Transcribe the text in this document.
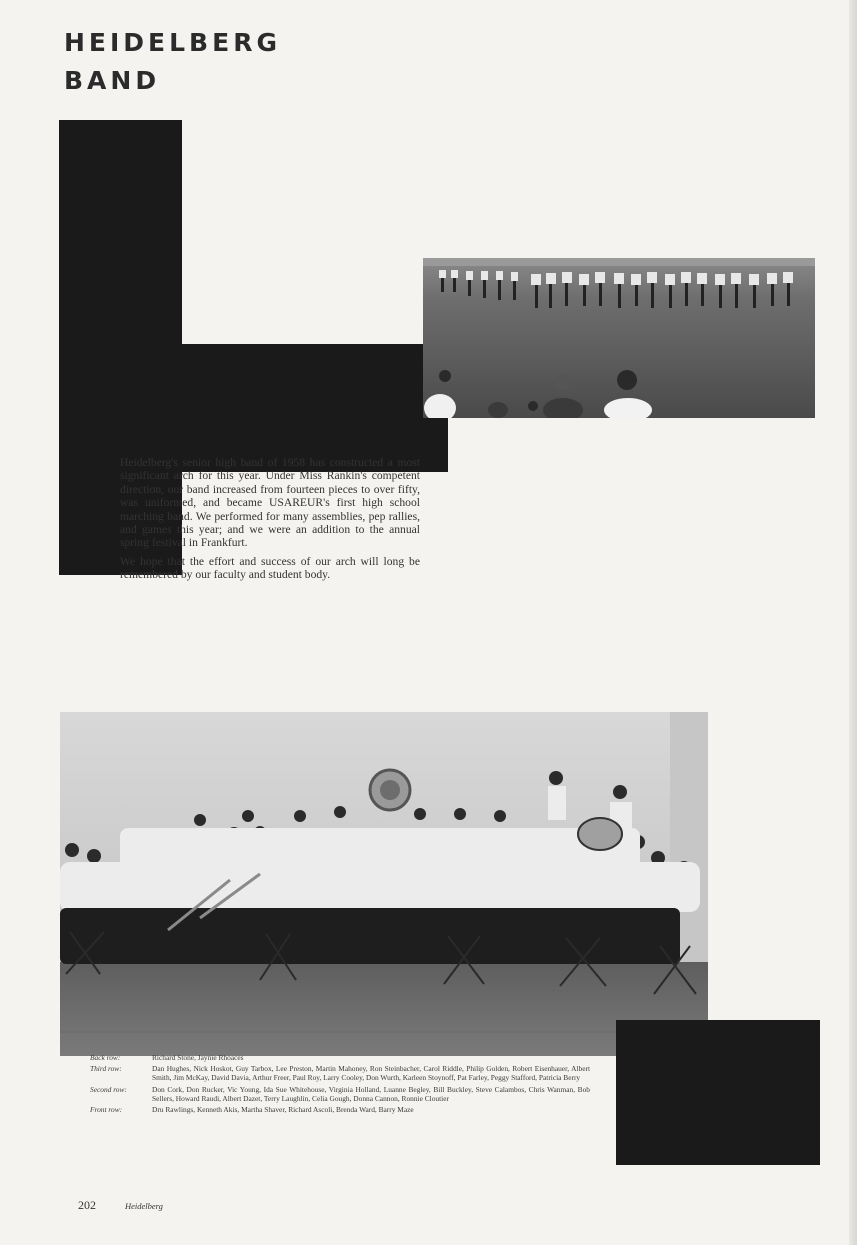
HEIDELBERG
BAND

Heidelberg's senior high band of 1958 has constructed a most significant arch for this year. Under Miss Rankin's competent direction, our band increased from fourteen pieces to over fifty, was uniformed, and became USAREUR's first high school marching band. We performed for many assemblies, pep rallies, and games this year; and we were an addition to the annual spring festival in Frankfurt.

We hope that the effort and success of our arch will long be remembered by our faculty and student body.

Back row:	Richard Stone, Jaynie Rhoaces
Third row:	Dan Hughes, Nick Hoskot, Guy Tarbox, Lee Preston, Martin Mahoney, Ron Steinbacher, Carol Riddle, Philip Golden, Robert Eisenhauer, Albert Smith, Jim McKay, David Davia, Arthur Freer, Paul Roy, Larry Cooley, Don Wurth, Karleen Stoynoff, Pat Farley, Peggy Stafford, Patricia Berry
Second row:	Don Cork, Don Rucker, Vic Young, Ida Sue Whitehouse, Virginia Holland, Luanne Begley, Bill Buckley, Steve Calambos, Chris Wanman, Bob Sellers, Howard Raudi, Albert Dazet, Terry Laughlin, Celia Gough, Donna Cannon, Ronnie Cloutier
Front row:	Dru Rawlings, Kenneth Akis, Martha Shaver, Richard Ascoli, Brenda Ward, Barry Maze
202	Heidelberg
